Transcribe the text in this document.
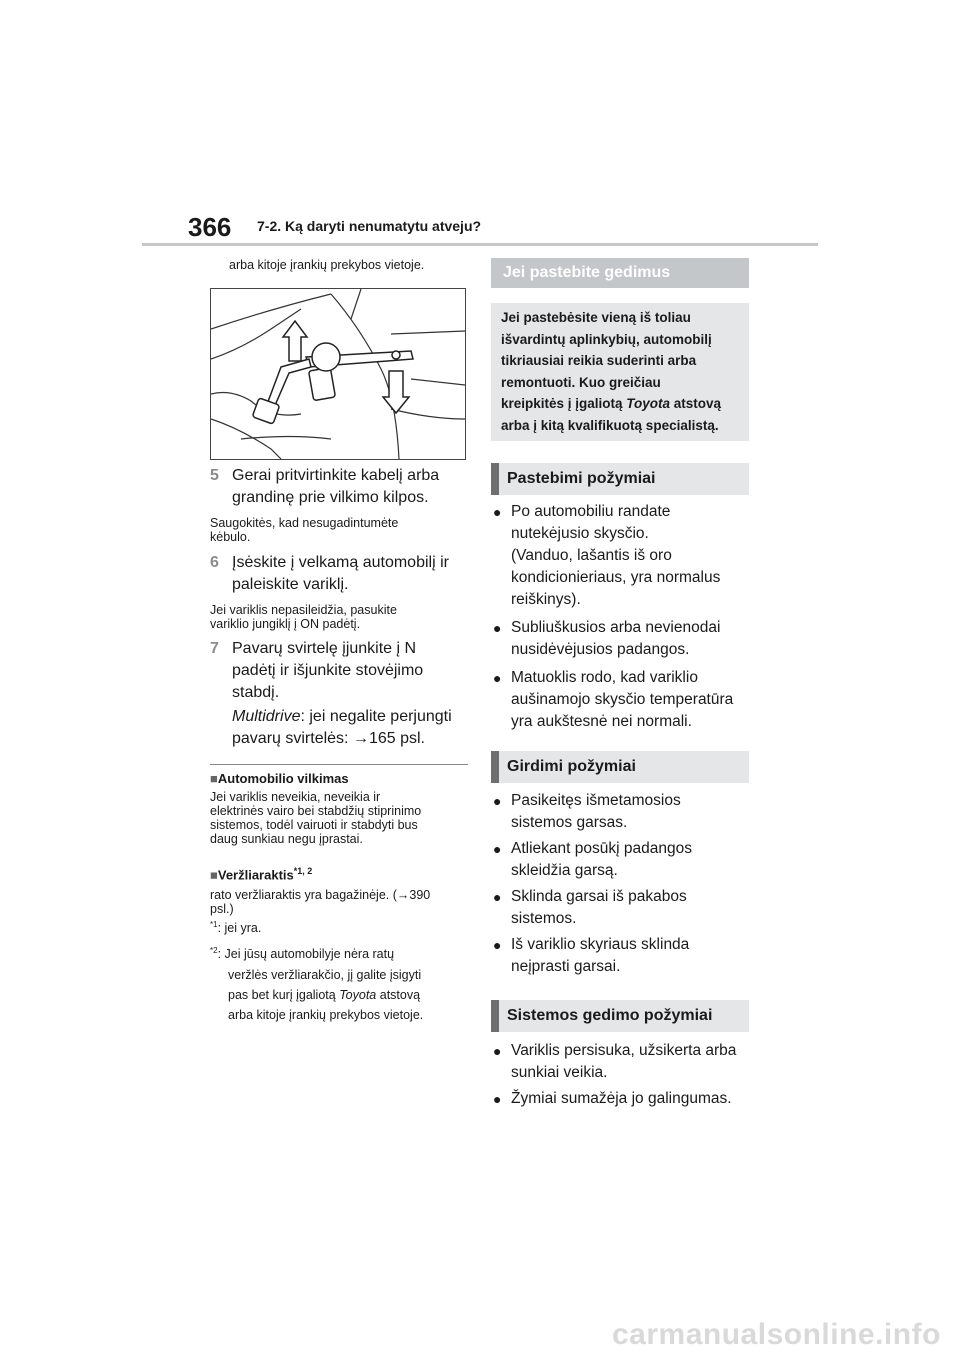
366 7-2. Ką daryti nenumatytu atveju?
arba kitoje įrankių prekybos vietoje.
5 Gerai pritvirtinkite kabelį arba
grandinę prie vilkimo kilpos.
Saugokitės, kad nesugadintumėte
kėbulo.
6 Įsėskite į velkamą automobilį ir
paleiskite variklį.
Jei variklis nepasileidžia, pasukite
variklio jungiklį į ON padėtį.
7 Pavarų svirtelę įjunkite į N
padėtį ir išjunkite stovėjimo
stabdį.
Multidrive: jei negalite perjungti
pavarų svirtelės: →165 psl.
■Automobilio vilkimas
Jei variklis neveikia, neveikia ir
elektrinės vairo bei stabdžių stiprinimo
sistemos, todėl vairuoti ir stabdyti bus
daug sunkiau negu įprastai.
■Veržliaraktis$^{*1, 2}$
rato veržliaraktis yra bagažinėje. (→390
psl.)
$^{*1}$: jei yra.
$^{*2}$: Jei jūsų automobilyje nėra ratų
veržlės veržliarakčio, jį galite įsigyti
pas bet kurį įgaliotą Toyota atstovą
arba kitoje įrankių prekybos vietoje.
Jei pastebite gedimus
Jei pastebėsite vieną iš toliau
išvardintų aplinkybių, automobilį
tikriausiai reikia suderinti arba
remontuoti. Kuo greičiau
kreipkitės į įgaliotą Toyota atstovą
arba į kitą kvalifikuotą specialistą.
Pastebimi požymiai
● Po automobiliu randate
nutekėjusio skysčio.
(Vanduo, lašantis iš oro
kondicionieriaus, yra normalus
reiškinys).
● Subliuškusios arba nevienodai
nusidėvėjusios padangos.
● Matuoklis rodo, kad variklio
aušinamojo skysčio temperatūra
yra aukštesnė nei normali.
Girdimi požymiai
● Pasikeitęs išmetamosios
sistemos garsas.
● Atliekant posūkį padangos
skleidžia garsą.
● Sklinda garsai iš pakabos
sistemos.
● Iš variklio skyriaus sklinda
neįprasti garsai.
Sistemos gedimo požymiai
● Variklis persisuka, užsikerta arba
sunkiai veikia.
● Žymiai sumažėja jo galingumas.
carmanualsonline.info
